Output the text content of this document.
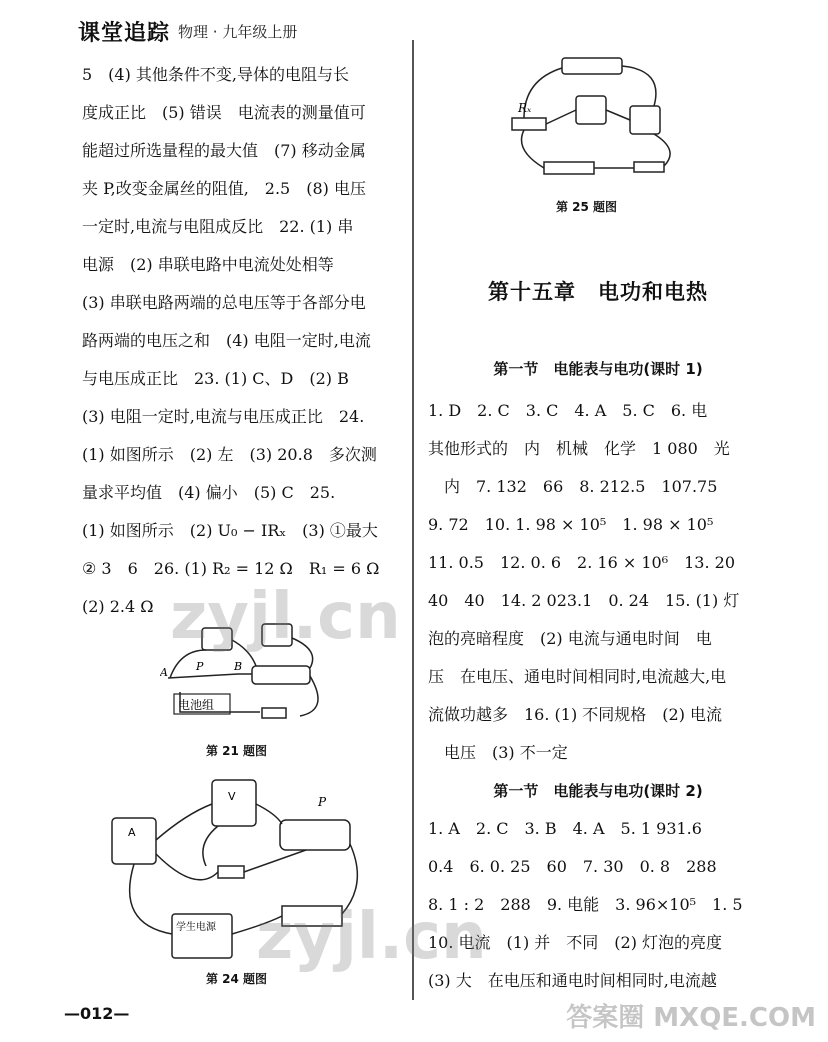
课堂追踪 物理 · 九年级上册
5　(4) 其他条件不变,导体的电阻与长
度成正比　(5) 错误　电流表的测量值可
能超过所选量程的最大值　(7) 移动金属
夹 P,改变金属丝的阻值,　2.5　(8) 电压
一定时,电流与电阻成反比　22. (1) 串
电源　(2) 串联电路中电流处处相等
(3) 串联电路两端的总电压等于各部分电
路两端的电压之和　(4) 电阻一定时,电流
与电压成正比　23. (1) C、D　(2) B
(3) 电阻一定时,电流与电压成正比　24.
(1) 如图所示　(2) 左　(3) 20.8　多次测
量求平均值　(4) 偏小　(5) C　25.
(1) 如图所示　(2) U₀ − IRₓ　(3) ①最大
② 3　6　26. (1) R₂ = 12 Ω　R₁ = 6 Ω
(2) 2.4 Ω
电池组
A	B
P
第 21 题图
A
V	P
学生电源
第 24 题图
Rₓ
第 25 题图
第十五章　电功和电热
第一节　电能表与电功(课时 1)
1. D　2. C　3. C　4. A　5. C　6. 电
其他形式的　内　机械　化学　1 080　光
　内　7. 132　66　8. 212.5　107.75
9. 72　10. 1. 98 × 10⁵　1. 98 × 10⁵
11. 0.5　12. 0. 6　2. 16 × 10⁶　13. 20
40　40　14. 2 023.1　0. 24　15. (1) 灯
泡的亮暗程度　(2) 电流与通电时间　电
压　在电压、通电时间相同时,电流越大,电
流做功越多　16. (1) 不同规格　(2) 电流
　电压　(3) 不一定
第一节　电能表与电功(课时 2)
1. A　2. C　3. B　4. A　5. 1 931.6
0.4　6. 0. 25　60　7. 30　0. 8　288
8. 1 : 2　288　9. 电能　3. 96×10⁵　1. 5
10. 电流　(1) 并　不同　(2) 灯泡的亮度
(3) 大　在电压和通电时间相同时,电流越
—012—
zyjl.cn
zyjl.cn
答案圈 MXQE.COM
